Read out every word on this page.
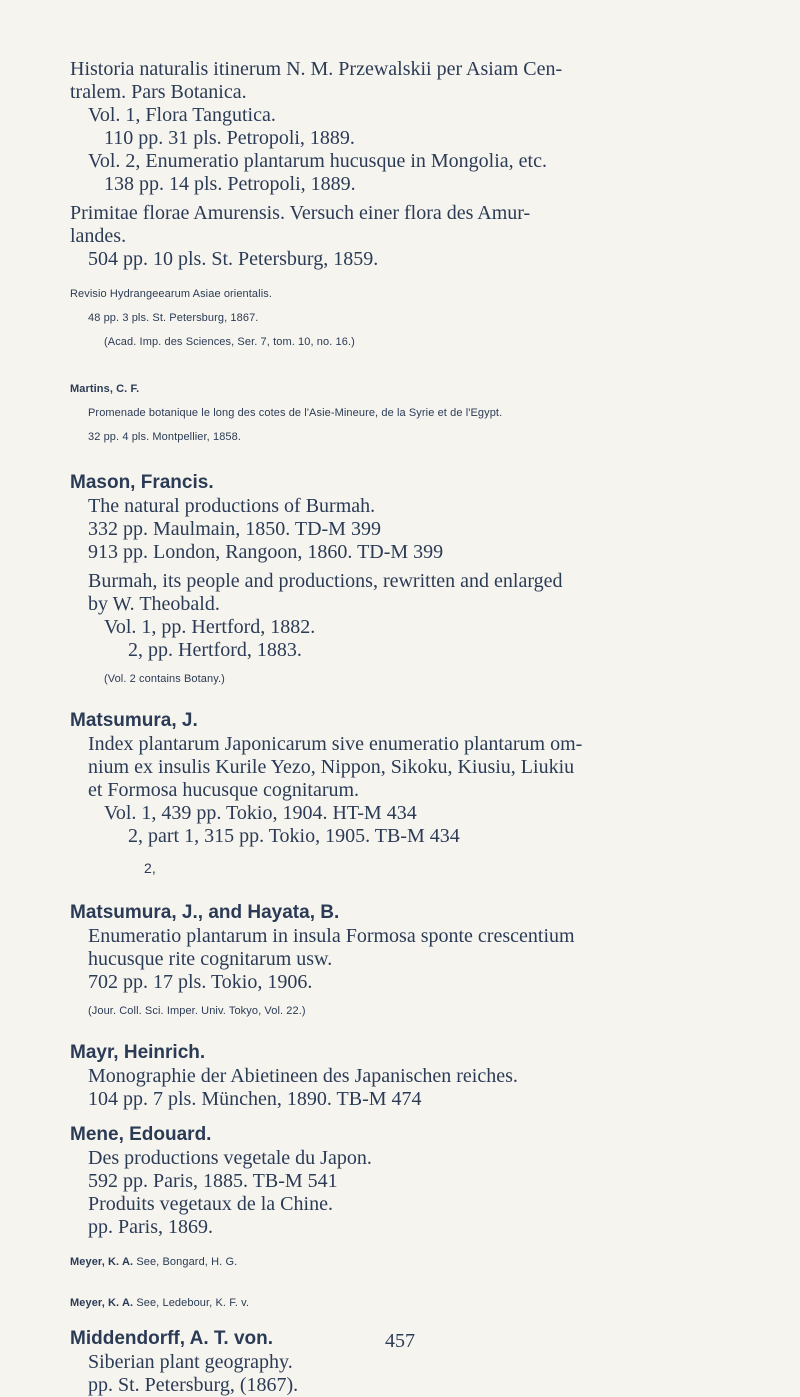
Historia naturalis itinerum N. M. Przewalskii per Asiam Cen-

tralem. Pars Botanica.

Vol. 1, Flora Tangutica.

110 pp. 31 pls. Petropoli, 1889.

Vol. 2, Enumeratio plantarum hucusque in Mongolia, etc.

138 pp. 14 pls. Petropoli, 1889.

Primitae florae Amurensis. Versuch einer flora des Amur-

landes.

504 pp. 10 pls. St. Petersburg, 1859.

Revisio Hydrangeearum Asiae orientalis.

48 pp. 3 pls. St. Petersburg, 1867.

(Acad. Imp. des Sciences, Ser. 7, tom. 10, no. 16.)

Martins, C. F.

Promenade botanique le long des cotes de l'Asie-Mineure, de la Syrie et de l'Egypt.

32 pp. 4 pls. Montpellier, 1858.

Mason, Francis.

The natural productions of Burmah.

332 pp. Maulmain, 1850. TD-M 399

913 pp. London, Rangoon, 1860. TD-M 399

Burmah, its people and productions, rewritten and enlarged

by W. Theobald.

Vol. 1, pp. Hertford, 1882.

2, pp. Hertford, 1883.

(Vol. 2 contains Botany.)

Matsumura, J.

Index plantarum Japonicarum sive enumeratio plantarum om-

nium ex insulis Kurile Yezo, Nippon, Sikoku, Kiusiu, Liukiu

et Formosa hucusque cognitarum.

Vol. 1, 439 pp. Tokio, 1904. HT-M 434

2, part 1, 315 pp. Tokio, 1905. TB-M 434

2,

Matsumura, J., and Hayata, B.

Enumeratio plantarum in insula Formosa sponte crescentium

hucusque rite cognitarum usw.

702 pp. 17 pls. Tokio, 1906.

(Jour. Coll. Sci. Imper. Univ. Tokyo, Vol. 22.)

Mayr, Heinrich.

Monographie der Abietineen des Japanischen reiches.

104 pp. 7 pls. München, 1890. TB-M 474

Mene, Edouard.

Des productions vegetale du Japon.

592 pp. Paris, 1885. TB-M 541

Produits vegetaux de la Chine.

pp. Paris, 1869.

Meyer, K. A. See, Bongard, H. G.

Meyer, K. A. See, Ledebour, K. F. v.

Middendorff, A. T. von.

Siberian plant geography.

pp. St. Petersburg, (1867).

457
